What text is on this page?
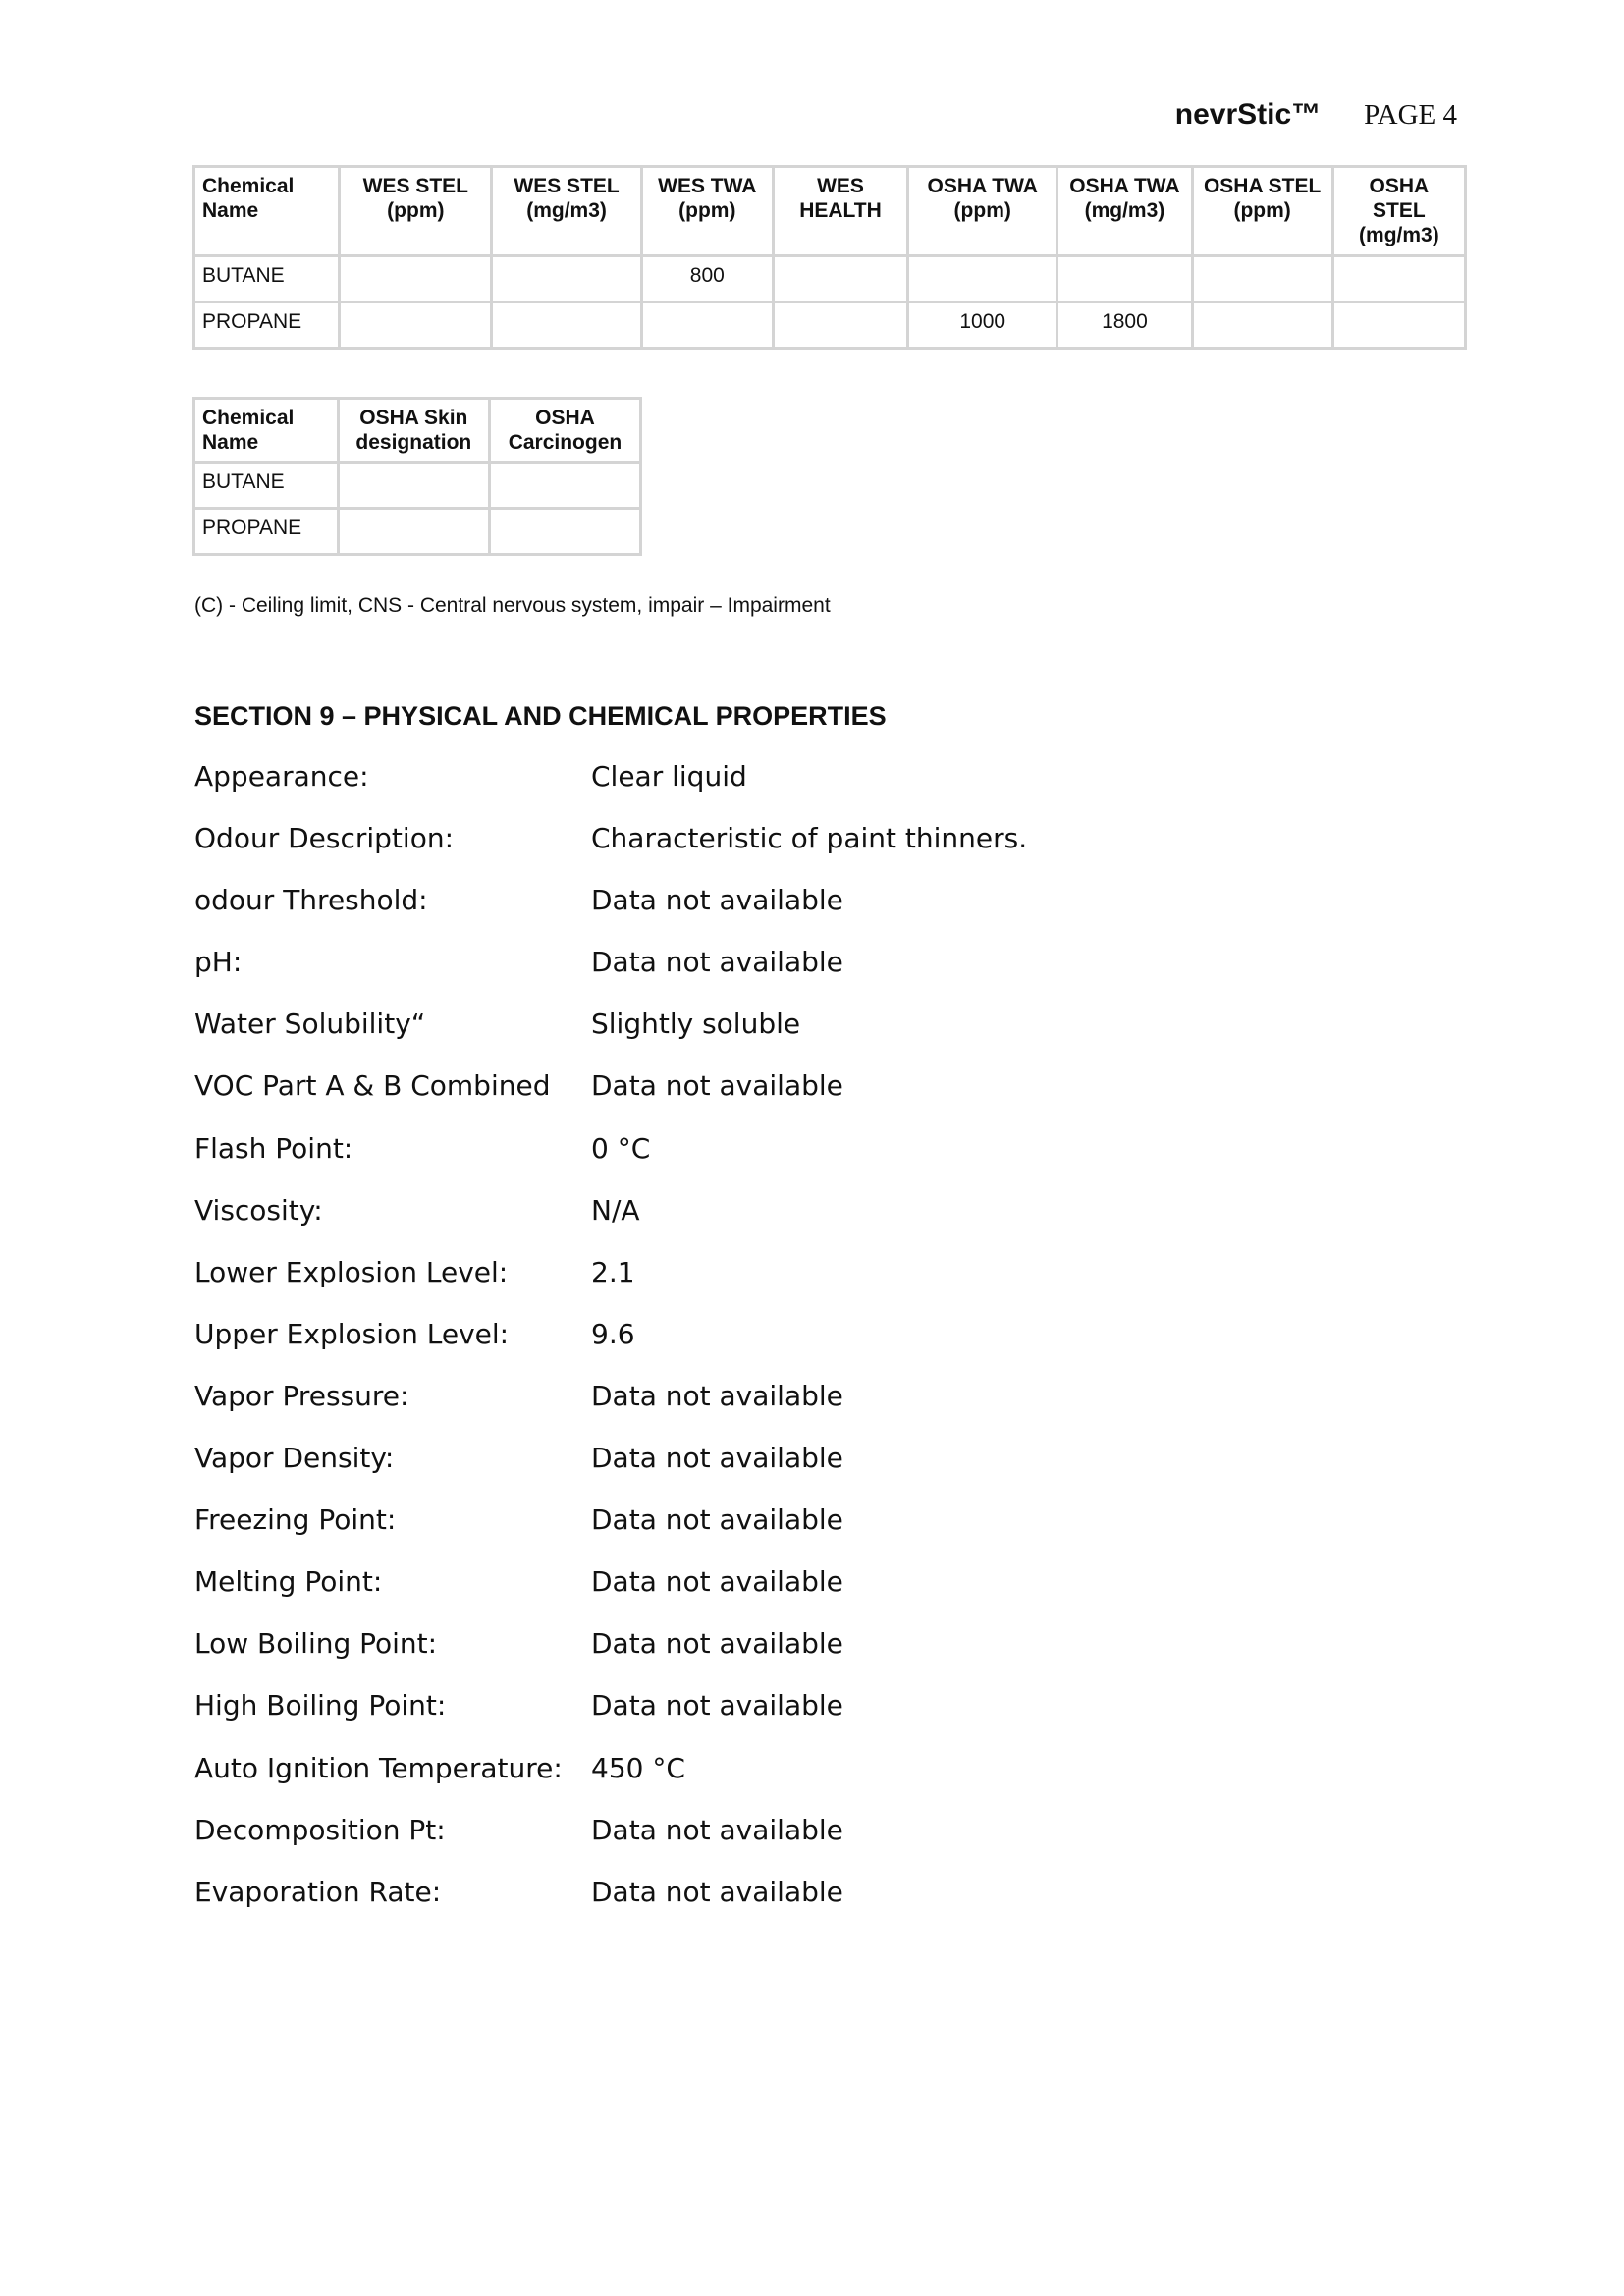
nevrStic™ PAGE 4
Chemical Name	WES STEL (ppm)	WES STEL (mg/m3)	WES TWA (ppm)	WES HEALTH	OSHA TWA (ppm)	OSHA TWA (mg/m3)	OSHA STEL (ppm)	OSHA STEL (mg/m3)
BUTANE			800					
PROPANE					1000	1800		
Chemical Name	OSHA Skin designation	OSHA Carcinogen
BUTANE		
PROPANE		
(C) - Ceiling limit, CNS - Central nervous system, impair – Impairment
SECTION 9 – PHYSICAL AND CHEMICAL PROPERTIES
Appearance:	Clear liquid
Odour Description:	Characteristic of paint thinners.
odour Threshold:	Data not available
pH:	Data not available
Water Solubility“	Slightly soluble
VOC Part A & B Combined	Data not available
Flash Point:	0 °C
Viscosity:	N/A
Lower Explosion Level:	2.1
Upper Explosion Level:	9.6
Vapor Pressure:	Data not available
Vapor Density:	Data not available
Freezing Point:	Data not available
Melting Point:	Data not available
Low Boiling Point:	Data not available
High Boiling Point:	Data not available
Auto Ignition Temperature:	450 °C
Decomposition Pt:	Data not available
Evaporation Rate:	Data not available
